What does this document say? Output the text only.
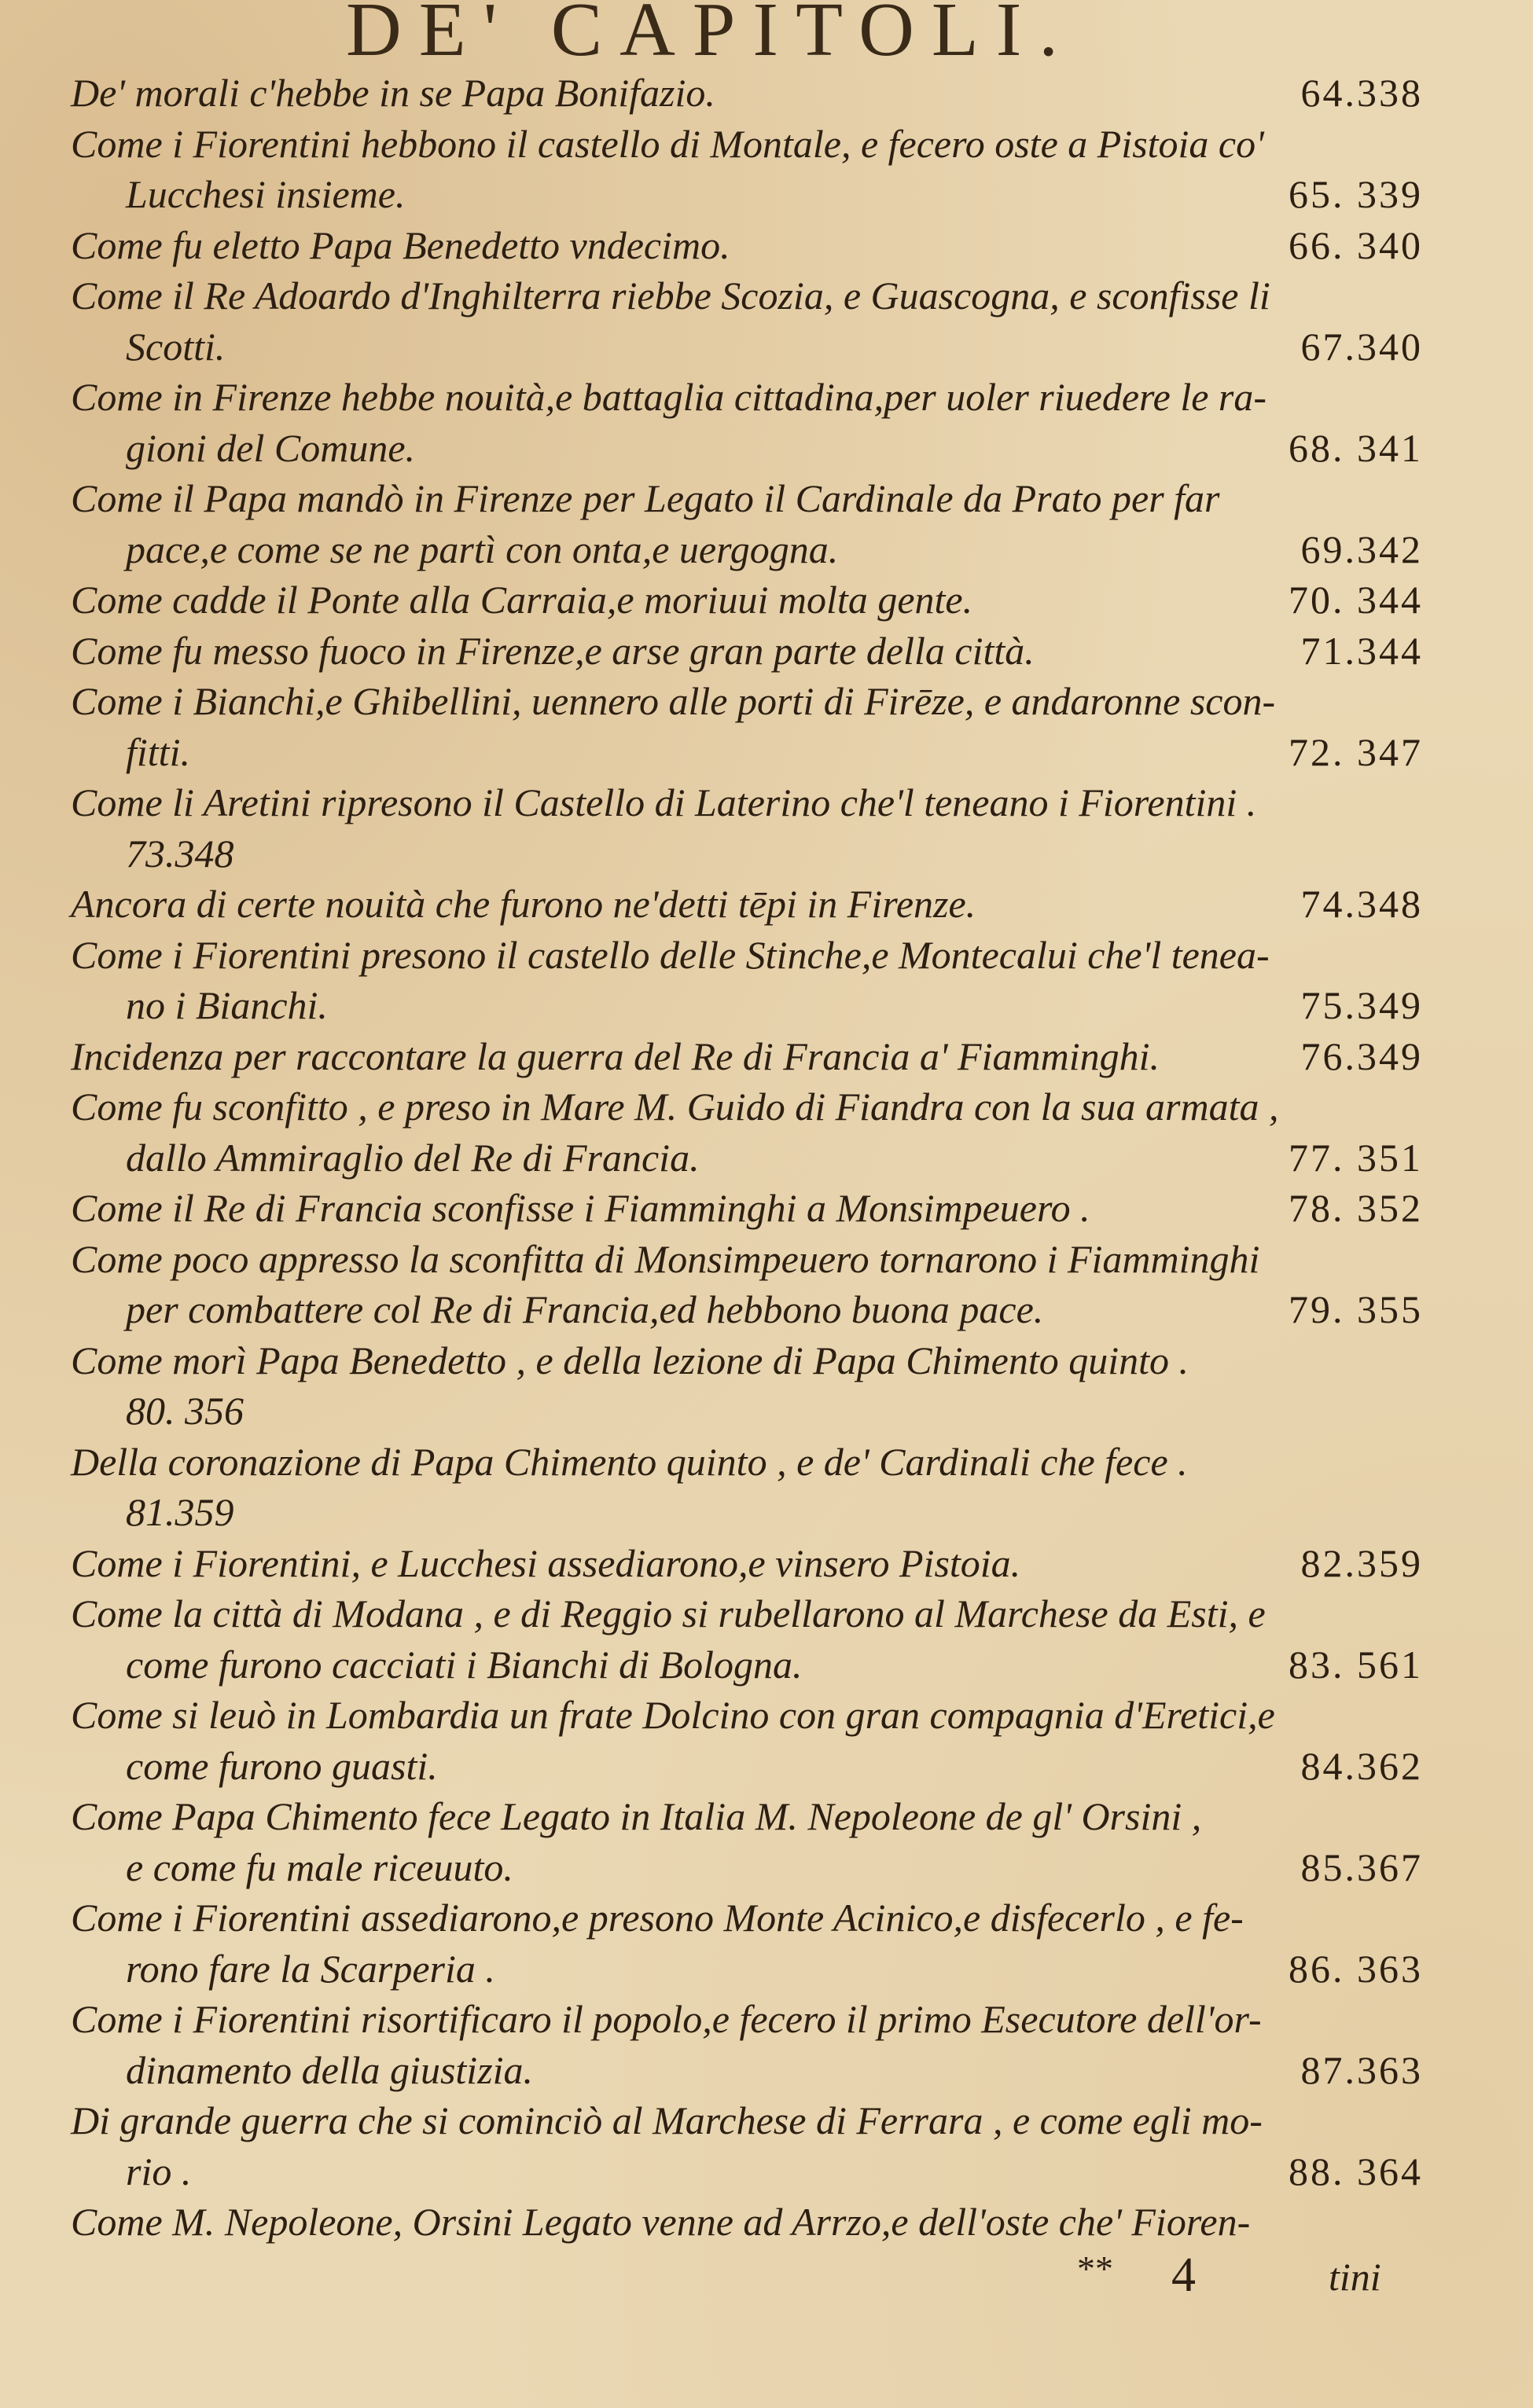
DE' CAPITOLI.
De' morali c'hebbe in se Papa Bonifazio.	64.338
Come i Fiorentini hebbono il castello di Montale, e fecero oste a Pistoia co'
Lucchesi insieme.	65. 339
Come fu eletto Papa Benedetto vndecimo.	66. 340
Come il Re Adoardo d'Inghilterra riebbe Scozia, e Guascogna, e sconfisse li
Scotti.	67.340
Come in Firenze hebbe nouità,e battaglia cittadina,per uoler riuedere le ra-
gioni del Comune.	68. 341
Come il Papa mandò in Firenze per Legato il Cardinale da Prato per far
pace,e come se ne partì con onta,e uergogna.	69.342
Come cadde il Ponte alla Carraia,e moriuui molta gente.	70. 344
Come fu messo fuoco in Firenze,e arse gran parte della città.	71.344
Come i Bianchi,e Ghibellini, uennero alle porti di Firēze, e andaronne scon-
fitti.	72. 347
Come li Aretini ripresono il Castello di Laterino che'l teneano i Fiorentini .
73.348
Ancora di certe nouità che furono ne'detti tēpi in Firenze.	74.348
Come i Fiorentini presono il castello delle Stinche,e Montecalui che'l tenea-
no i Bianchi.	75.349
Incidenza per raccontare la guerra del Re di Francia a' Fiamminghi.	76.349
Come fu sconfitto , e preso in Mare M. Guido di Fiandra con la sua armata ,
dallo Ammiraglio del Re di Francia.	77. 351
Come il Re di Francia sconfisse i Fiamminghi a Monsimpeuero .	78. 352
Come poco appresso la sconfitta di Monsimpeuero tornarono i Fiamminghi
per combattere col Re di Francia,ed hebbono buona pace.	79. 355
Come morì Papa Benedetto , e della lezione di Papa Chimento quinto .
80. 356
Della coronazione di Papa Chimento quinto , e de' Cardinali che fece .
81.359
Come i Fiorentini, e Lucchesi assediarono,e vinsero Pistoia.	82.359
Come la città di Modana , e di Reggio si rubellarono al Marchese da Esti, e
come furono cacciati i Bianchi di Bologna.	83. 561
Come si leuò in Lombardia un frate Dolcino con gran compagnia d'Eretici,e
come furono guasti.	84.362
Come Papa Chimento fece Legato in Italia M. Nepoleone de gl' Orsini ,
e come fu male riceuuto.	85.367
Come i Fiorentini assediarono,e presono Monte Acinico,e disfecerlo , e fe-
rono fare la Scarperia .	86. 363
Come i Fiorentini risortificaro il popolo,e fecero il primo Esecutore dell'or-
dinamento della giustizia.	87.363
Di grande guerra che si cominciò al Marchese di Ferrara , e come egli mo-
rio .	88. 364
Come M. Nepoleone, Orsini Legato venne ad Arrzo,e dell'oste che' Fioren-
** 4	tini
